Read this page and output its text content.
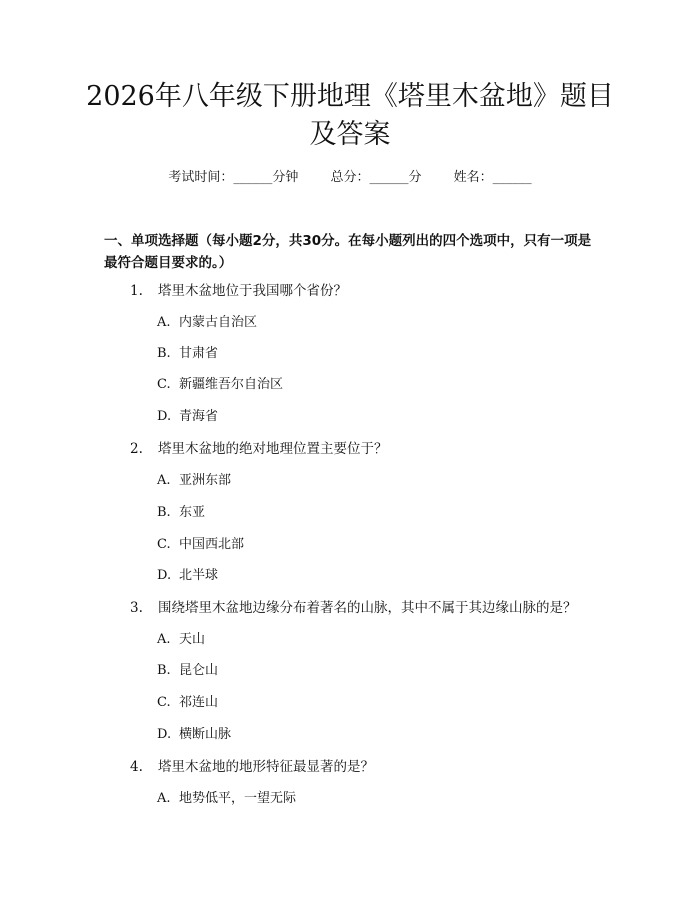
2026年八年级下册地理《塔里木盆地》题目及答案
考试时间：______分钟 总分：______分 姓名：______
一、单项选择题（每小题2分，共30分。在每小题列出的四个选项中，只有一项是最符合题目要求的。）
1. 塔里木盆地位于我国哪个省份？
A. 内蒙古自治区
B. 甘肃省
C. 新疆维吾尔自治区
D. 青海省
2. 塔里木盆地的绝对地理位置主要位于？
A. 亚洲东部
B. 东亚
C. 中国西北部
D. 北半球
3. 围绕塔里木盆地边缘分布着著名的山脉，其中不属于其边缘山脉的是？
A. 天山
B. 昆仑山
C. 祁连山
D. 横断山脉
4. 塔里木盆地的地形特征最显著的是？
A. 地势低平，一望无际
